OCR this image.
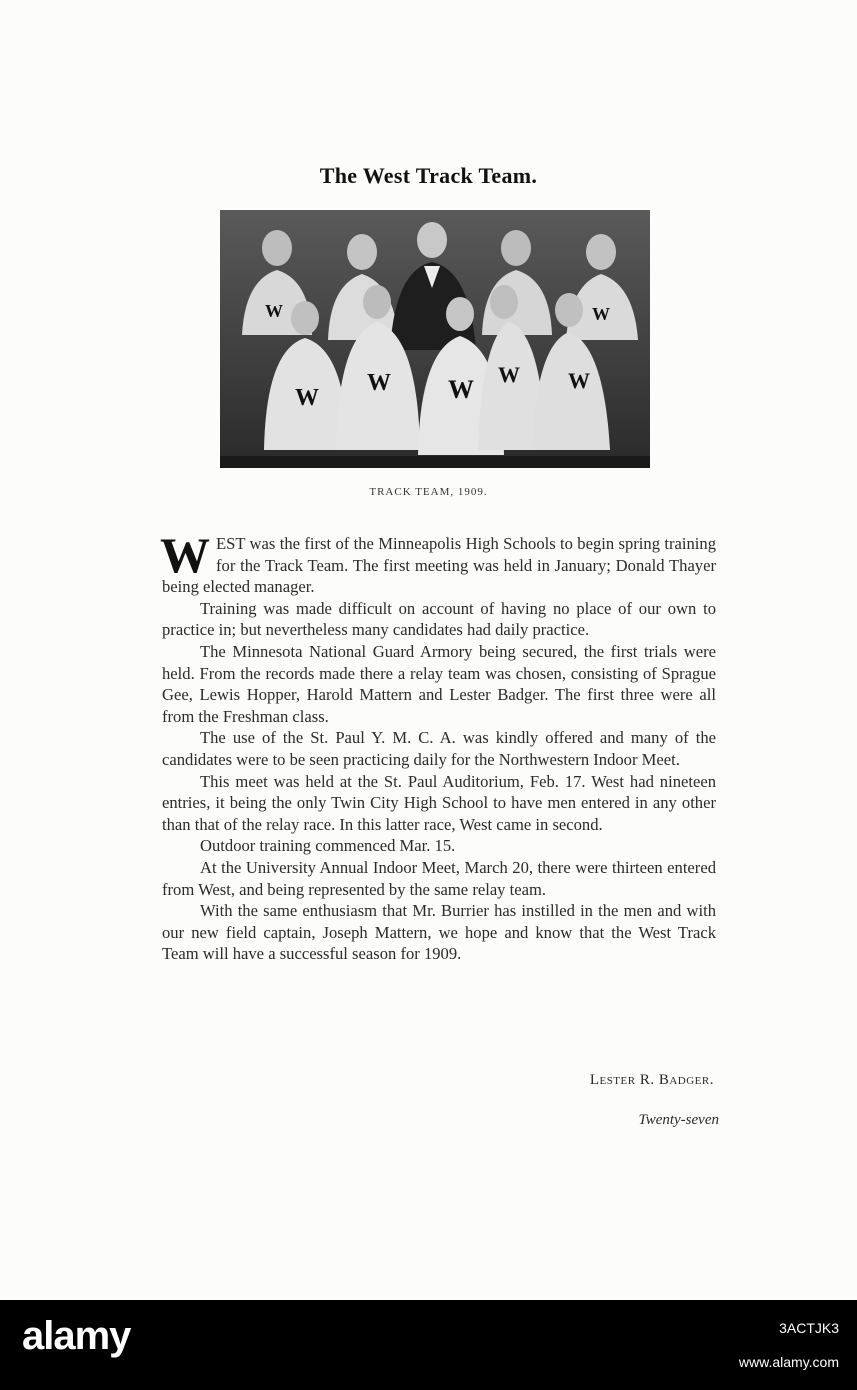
The West Track Team.
W
W W
W W
W	W
TRACK TEAM, 1909.

WEST was the first of the Minneapolis High Schools to begin spring training for the Track Team. The first meeting was held in January; Donald Thayer being elected manager.

Training was made difficult on account of having no place of our own to practice in; but nevertheless many candidates had daily practice.

The Minnesota National Guard Armory being secured, the first trials were held. From the records made there a relay team was chosen, consisting of Sprague Gee, Lewis Hopper, Harold Mattern and Lester Badger. The first three were all from the Freshman class.

The use of the St. Paul Y. M. C. A. was kindly offered and many of the candidates were to be seen practicing daily for the Northwestern Indoor Meet.

This meet was held at the St. Paul Auditorium, Feb. 17. West had nineteen entries, it being the only Twin City High School to have men entered in any other than that of the relay race. In this latter race, West came in second.

Outdoor training commenced Mar. 15.

At the University Annual Indoor Meet, March 20, there were thirteen entered from West, and being represented by the same relay team.

With the same enthusiasm that Mr. Burrier has instilled in the men and with our new field captain, Joseph Mattern, we hope and know that the West Track Team will have a successful season for 1909.

Lester R. Badger.
Twenty-seven
alamy	3ACTJK3
www.alamy.com
